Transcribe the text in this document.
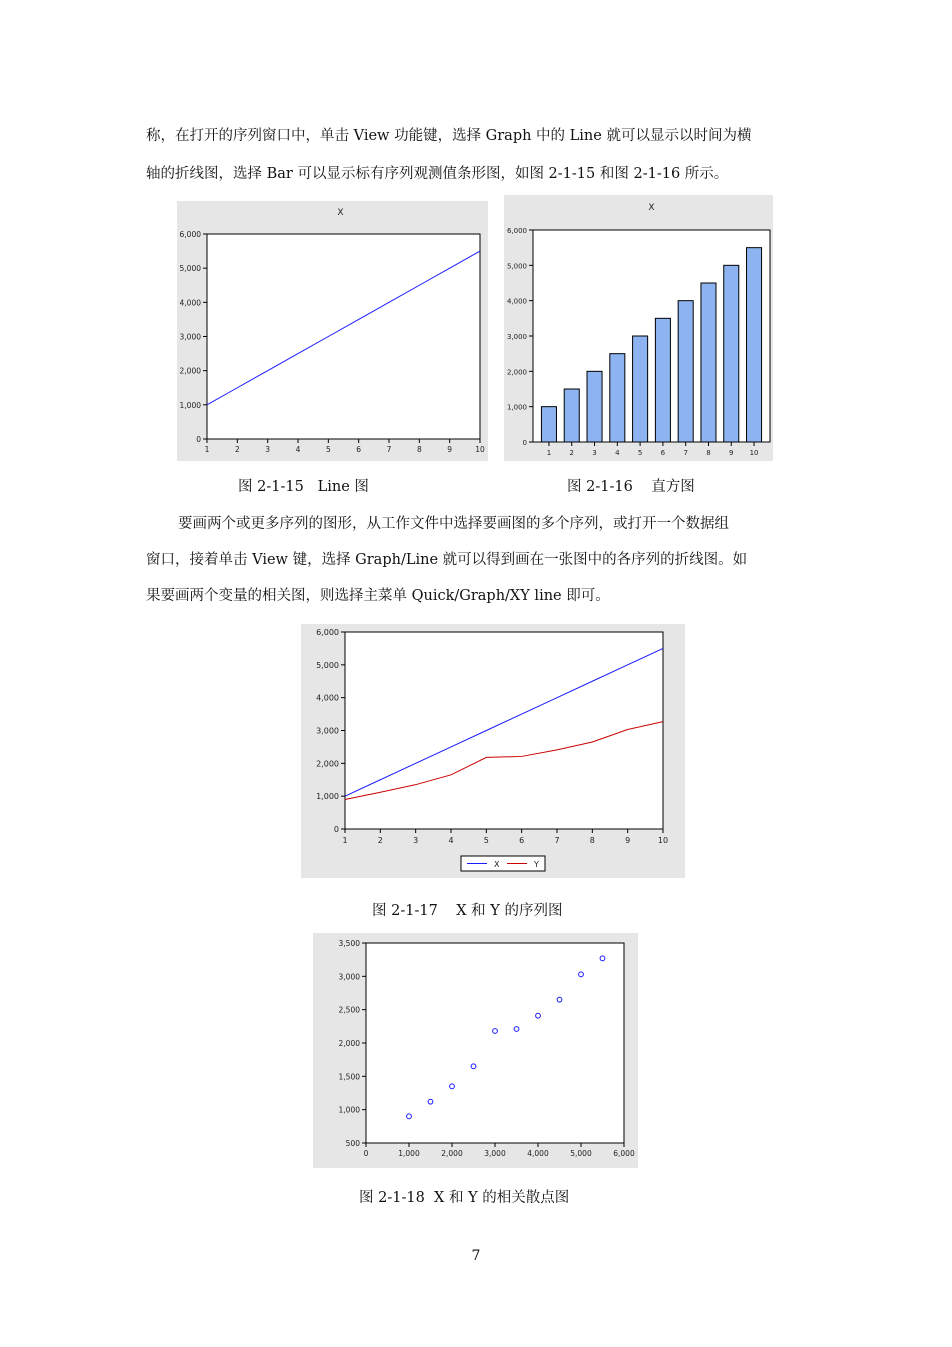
称，在打开的序列窗口中，单击 View 功能键，选择 Graph 中的 Line 就可以显示以时间为横
轴的折线图，选择 Bar 可以显示标有序列观测值条形图，如图 2-1-15 和图 2-1-16 所示。
X
0
1,000
2,000
3,000
4,000
5,000
6,000
1	2	3	4	5	6	7	8	9	10
X
0
1,000
2,000
3,000
4,000
5,000
6,000
1	2	3	4	5	6	7	8	9 10
图 2-1-15   Line 图	图 2-1-16    直方图
要画两个或更多序列的图形，从工作文件中选择要画图的多个序列，或打开一个数据组
窗口，接着单击 View 键，选择 Graph/Line 就可以得到画在一张图中的各序列的折线图。如
果要画两个变量的相关图，则选择主菜单 Quick/Graph/XY line 即可。
0
1,000
2,000
3,000
4,000
5,000
6,000
1	2	3	4	5	6	7	8	9	10
X	Y
图 2-1-17    X 和 Y 的序列图
500
1,000
1,500
2,000
2,500
3,000
3,500
0	1,000	2,000	3,000	4,000	5,000	6,000
图 2-1-18  X 和 Y 的相关散点图
7
